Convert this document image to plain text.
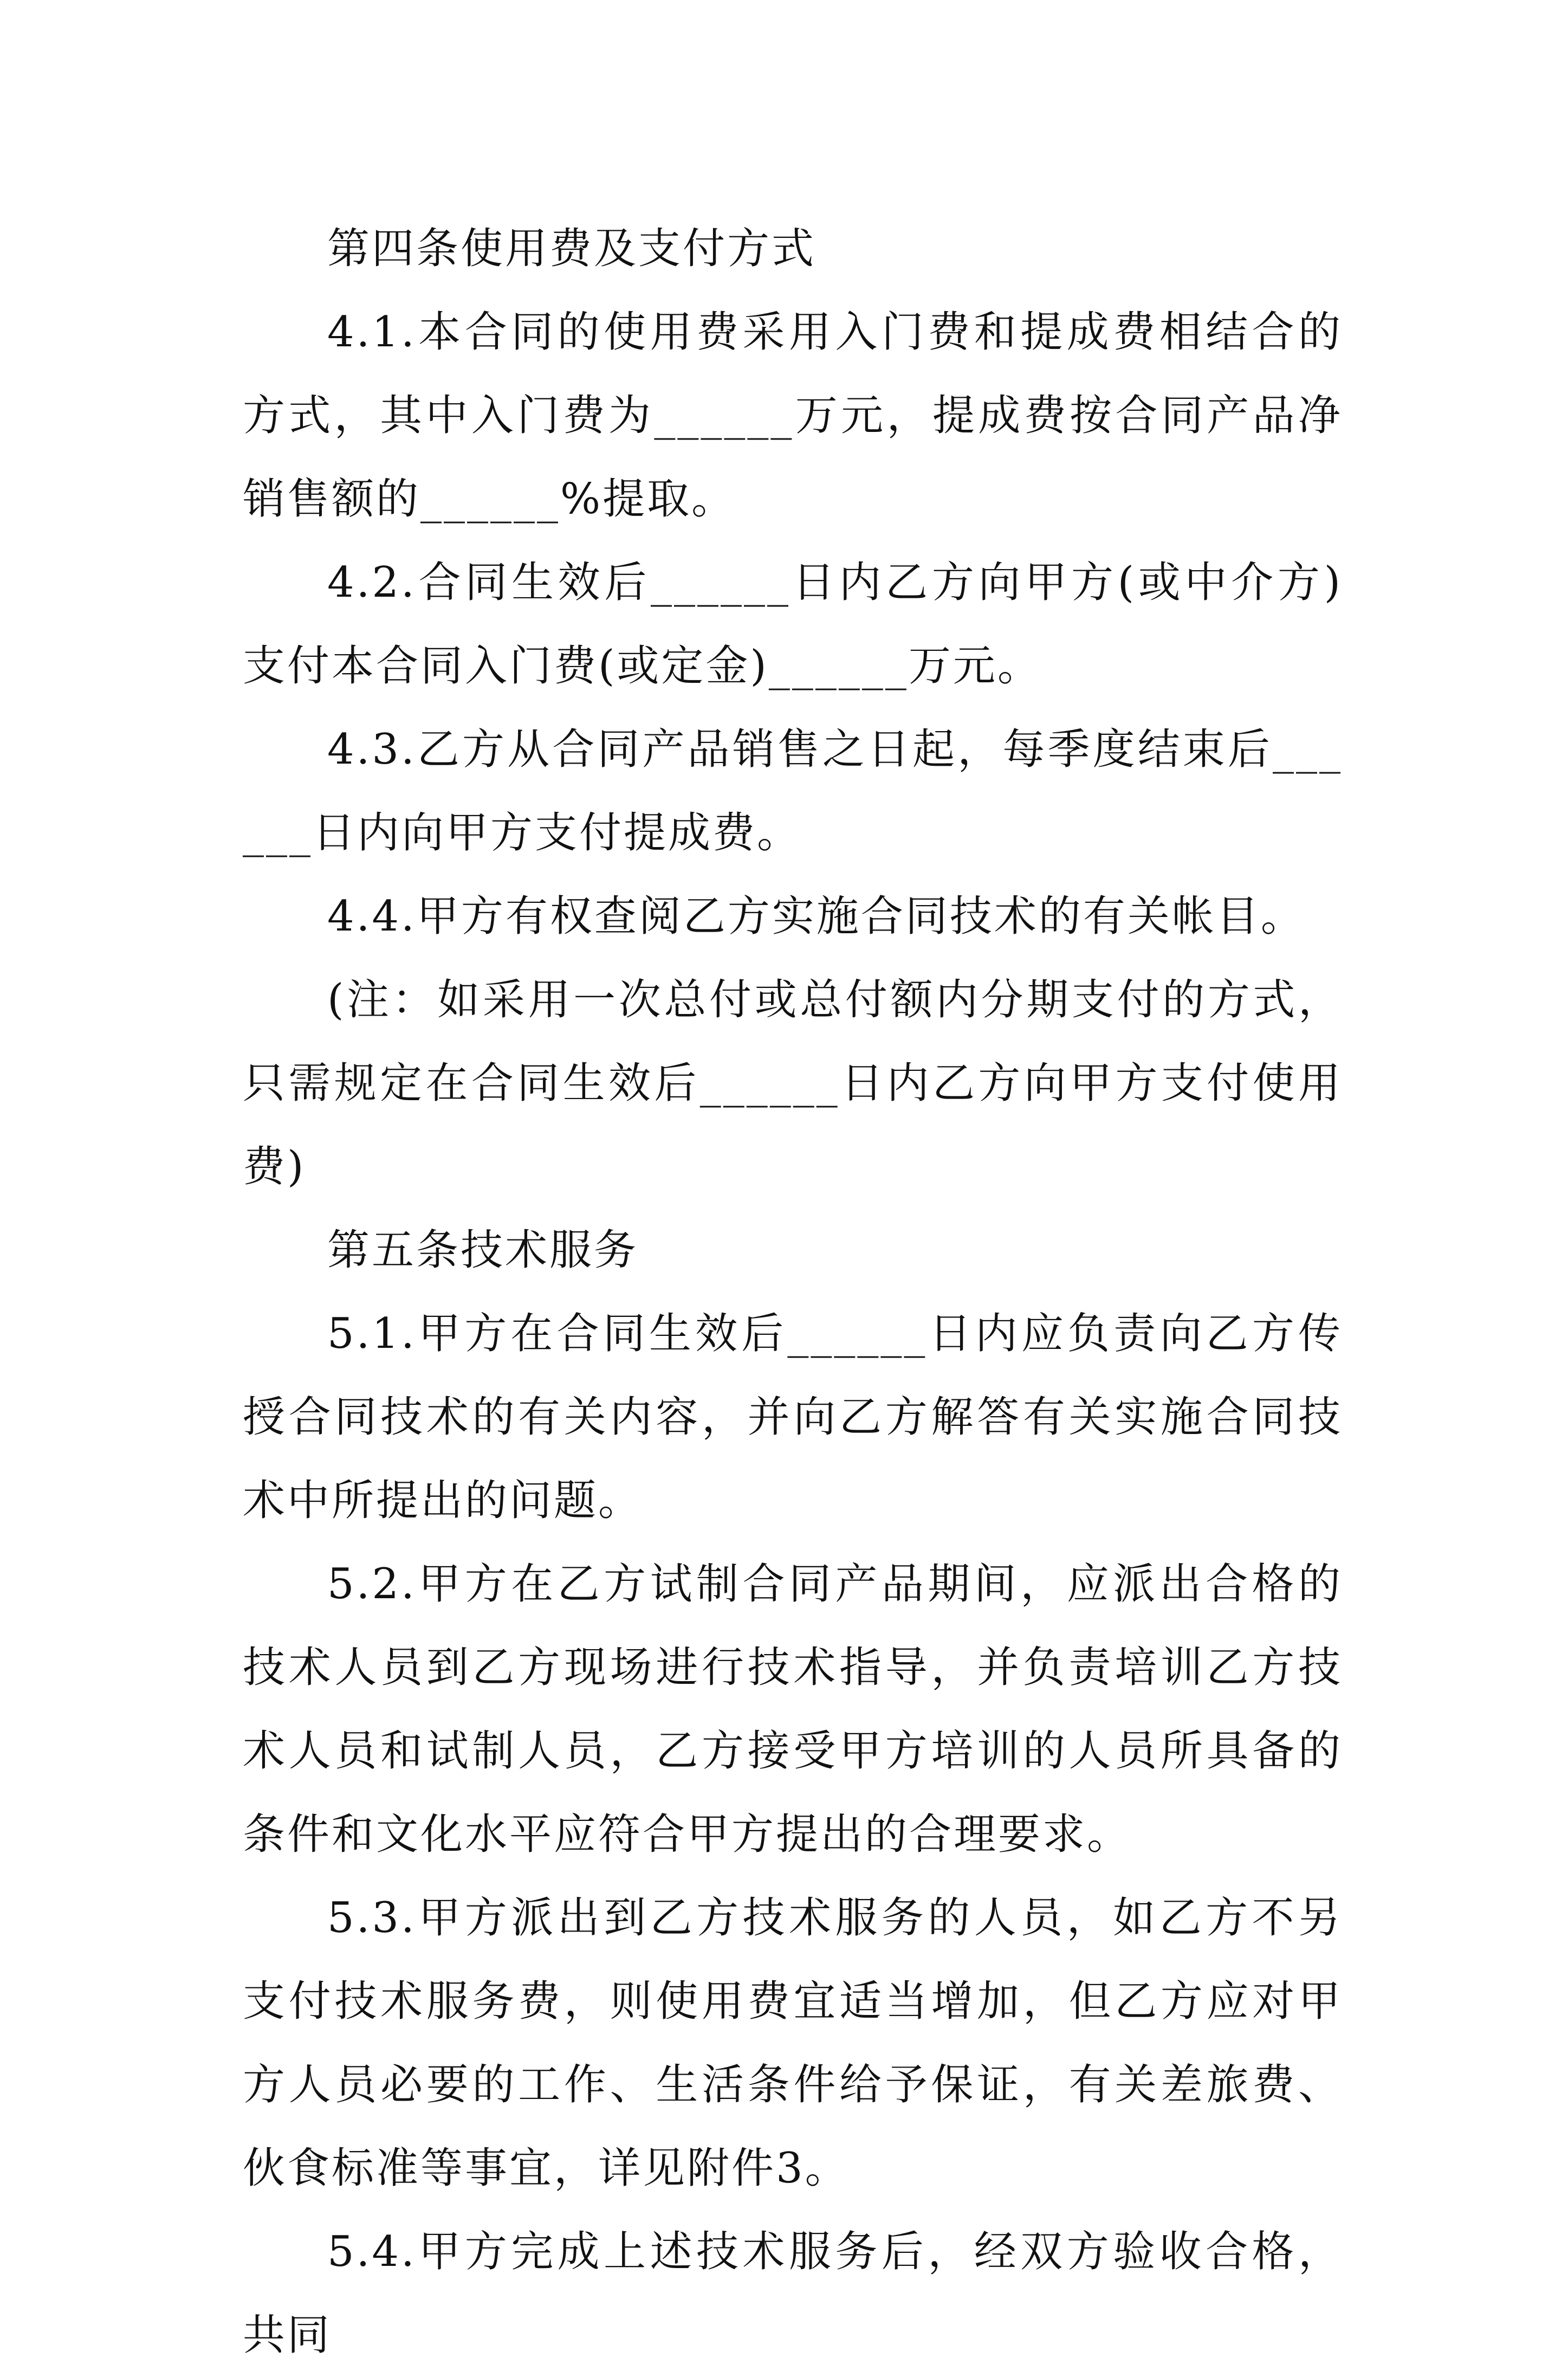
第四条使用费及支付方式

4.1.本合同的使用费采用入门费和提成费相结合的方式，其中入门费为______万元，提成费按合同产品净销售额的______%提取。

4.2.合同生效后______日内乙方向甲方(或中介方)支付本合同入门费(或定金)______万元。

4.3.乙方从合同产品销售之日起，每季度结束后______日内向甲方支付提成费。

4.4.甲方有权查阅乙方实施合同技术的有关帐目。

(注：如采用一次总付或总付额内分期支付的方式，只需规定在合同生效后______日内乙方向甲方支付使用费)

第五条技术服务

5.1.甲方在合同生效后______日内应负责向乙方传授合同技术的有关内容，并向乙方解答有关实施合同技术中所提出的问题。

5.2.甲方在乙方试制合同产品期间，应派出合格的技术人员到乙方现场进行技术指导，并负责培训乙方技术人员和试制人员，乙方接受甲方培训的人员所具备的条件和文化水平应符合甲方提出的合理要求。

5.3.甲方派出到乙方技术服务的人员，如乙方不另支付技术服务费，则使用费宜适当增加，但乙方应对甲方人员必要的工作、生活条件给予保证，有关差旅费、伙食标准等事宜，详见附件3。

5.4.甲方完成上述技术服务后，经双方验收合格，共同
